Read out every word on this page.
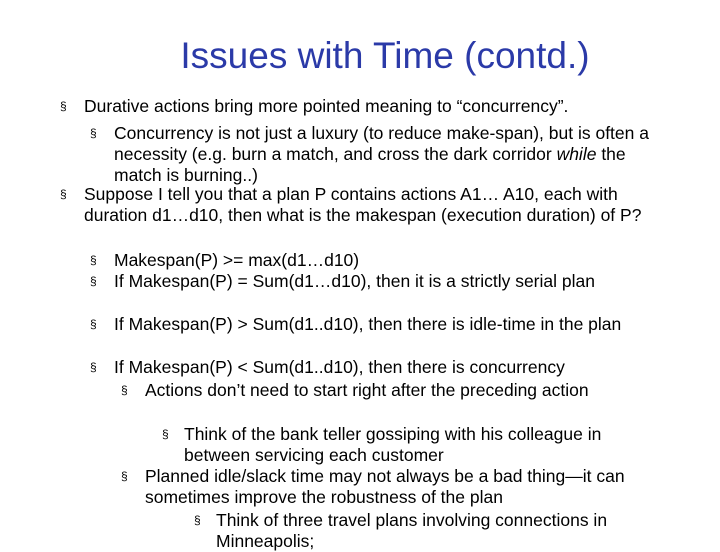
Issues with Time (contd.)
§ Durative actions bring more pointed meaning to “concurrency”.
§ Concurrency is not just a luxury (to reduce make-span), but is often a necessity (e.g. burn a match, and cross the dark corridor while the match is burning..)
§ Suppose I tell you that a plan P contains actions A1… A10, each with duration d1…d10, then what is the makespan (execution duration) of P?
§ Makespan(P) >= max(d1…d10)
§ If Makespan(P) = Sum(d1…d10), then it is a strictly serial plan
§ If Makespan(P) > Sum(d1..d10), then there is idle-time in the plan
§ If Makespan(P) < Sum(d1..d10), then there is concurrency
§ Actions don’t need to start right after the preceding action
§ Think of the bank teller gossiping with his colleague in between servicing each customer
§ Planned idle/slack time may not always be a bad thing—it can sometimes improve the robustness of the plan
§ Think of three travel plans involving connections in Minneapolis;
